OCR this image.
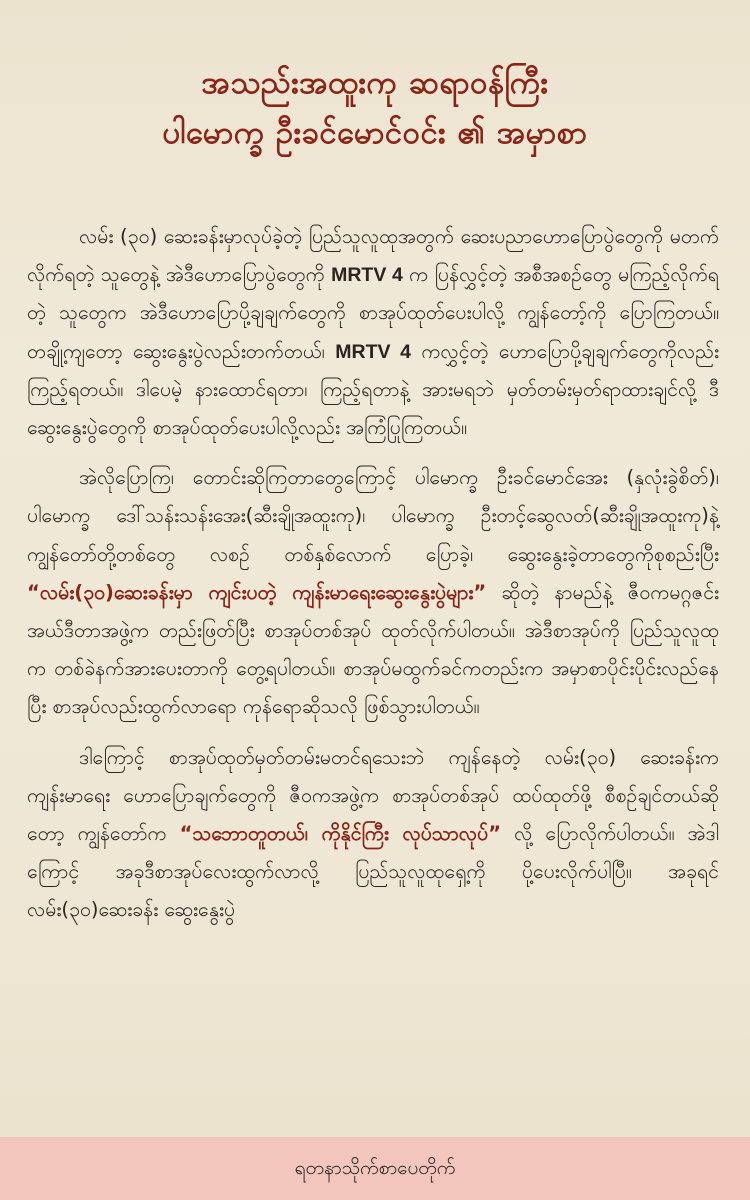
အသည်းအထူးကု ဆရာဝန်ကြီး
ပါမောက္ခ ဦးခင်မောင်ဝင်း ၏ အမှာစာ

လမ်း (၃၀) ဆေးခန်းမှာလုပ်ခဲ့တဲ့ ပြည်သူလူထုအတွက် ဆေးပညာဟောပြောပွဲတွေကို မတက်လိုက်ရတဲ့ သူတွေနဲ့ အဲဒီဟောပြောပွဲတွေကို MRTV 4 က ပြန်လွှင့်တဲ့ အစီအစဉ်တွေ မကြည့်လိုက်ရတဲ့ သူတွေက အဲဒီဟောပြောပို့ချချက်တွေကို စာအုပ်ထုတ်ပေးပါလို့ ကျွန်တော့်ကို ပြောကြတယ်။ တချို့ကျတော့ ဆွေးနွေးပွဲလည်းတက်တယ်၊ MRTV 4 ကလွှင့်တဲ့ ဟောပြောပို့ချချက်တွေကိုလည်း ကြည့်ရတယ်။ ဒါပေမဲ့ နားထောင်ရတာ၊ ကြည့်ရတာနဲ့ အားမရဘဲ မှတ်တမ်းမှတ်ရာထားချင်လို့ ဒီဆွေးနွေးပွဲတွေကို စာအုပ်ထုတ်ပေးပါလို့လည်း အကြံပြုကြတယ်။

အဲလိုပြောကြ၊ တောင်းဆိုကြတာတွေကြောင့် ပါမောက္ခ ဦးခင်မောင်အေး (နှလုံးခွဲစိတ်)၊ ပါမောက္ခ ဒေါ်သန်းသန်းအေး(ဆီးချိုအထူးကု)၊ ပါမောက္ခ ဦးတင့်ဆွေလတ်(ဆီးချိုအထူးကု)နဲ့ ကျွန်တော်တို့တစ်တွေ လစဉ် တစ်နှစ်လောက် ပြောခဲ့၊ ဆွေးနွေးခဲ့တာတွေကိုစုစည်းပြီး “လမ်း(၃၀)ဆေးခန်းမှာ ကျင်းပတဲ့ ကျန်းမာရေးဆွေးနွေးပွဲများ” ဆိုတဲ့ နာမည်နဲ့ ဇီဝကမဂ္ဂဇင်း အယ်ဒီတာအဖွဲ့က တည်းဖြတ်ပြီး စာအုပ်တစ်အုပ် ထုတ်လိုက်ပါတယ်။ အဲဒီစာအုပ်ကို ပြည်သူလူထုက တစ်ခဲနက်အားပေးတာကို တွေ့ရပါတယ်။ စာအုပ်မထွက်ခင်ကတည်းက အမှာစာပိုင်းပိုင်းလည်နေပြီး စာအုပ်လည်းထွက်လာရော ကုန်ရောဆိုသလို ဖြစ်သွားပါတယ်။

ဒါကြောင့် စာအုပ်ထုတ်မှတ်တမ်းမတင်ရသေးဘဲ ကျန်နေတဲ့ လမ်း(၃၀) ဆေးခန်းက ကျန်းမာရေး ဟောပြောချက်တွေကို ဇီဝကအဖွဲ့က စာအုပ်တစ်အုပ် ထပ်ထုတ်ဖို့ စီစဉ်ချင်တယ်ဆိုတော့ ကျွန်တော်က “သဘောတူတယ်၊ ကိုနိုင်ကြီး လုပ်သာလုပ်” လို့ ပြောလိုက်ပါတယ်။ အဲဒါကြောင့် အခုဒီစာအုပ်လေးထွက်လာလို့ ပြည်သူလူထုရှေ့ကို ပို့ပေးလိုက်ပါပြီ။ အခုရင် လမ်း(၃၀)ဆေးခန်း ဆွေးနွေးပွဲ

ရတနာသိုက်စာပေတိုက်
